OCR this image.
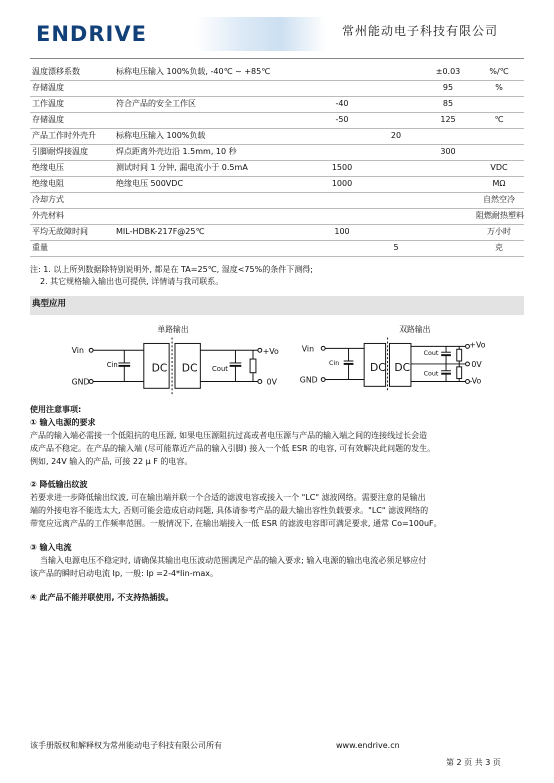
ENDRIVE	常州能动电子科技有限公司
温度漂移系数	标称电压输入 100%负载, -40℃ ~ +85℃			±0.03	%/℃
存储温度				95	%
工作温度	符合产品的安全工作区	-40		85	
存储温度		-50		125	℃
产品工作时外壳升	标称电压输入 100%负载		20		
引脚耐焊接温度	焊点距离外壳边沿 1.5mm, 10 秒			300	
绝缘电压	测试时间 1 分钟, 漏电流小于 0.5mA	1500			VDC
绝缘电阻	绝缘电压 500VDC	1000			MΩ
冷却方式					自然空冷
外壳材料					阻燃耐热塑料
平均无故障时间	MIL-HDBK-217F@25℃	100			万小时
重量			5		克
注: 1. 以上所列数据除特别说明外, 都是在 TA=25℃, 湿度<75%的条件下测得;
2. 其它规格输入输出也可提供, 详情请与我司联系。
典型应用
单路输出	双路输出
Vin
GND
Cin	Cout
DC DC
+Vo
0V
Vin
GND
Cin	DC DC
Cout
Cout
+Vo
0V
-Vo
使用注意事项:
① 输入电源的要求
产品的输入端必需接一个低阻抗的电压源, 如果电压源阻抗过高或者电压源与产品的输入端之间的连接线过长会造
成产品不稳定。在产品的输入端 (尽可能靠近产品的输入引脚) 接入一个低 ESR 的电容, 可有效解决此问题的发生。
例如, 24V 输入的产品, 可接 22 μ F 的电容。
② 降低输出纹波
若要求进一步降低输出纹波, 可在输出端并联一个合适的滤波电容或接入一个 "LC" 滤波网络。需要注意的是输出
端的外接电容不能选太大, 否则可能会造成启动问题, 具体请参考产品的最大输出容性负载要求。"LC" 滤波网络的
带宽应远离产品的工作频率范围。一般情况下, 在输出端接入一低 ESR 的滤波电容即可满足要求, 通常 Co=100uF。
③ 输入电流
当输入电源电压不稳定时, 请确保其输出电压波动范围满足产品的输入要求; 输入电源的输出电流必须足够应付
该产品的瞬时启动电流 Ip, 一般: Ip =2-4*Iin-max。
④ 此产品不能并联使用, 不支持热插拔。
该手册版权和解释权为常州能动电子科技有限公司所有	www.endrive.cn
第 2 页 共 3 页
